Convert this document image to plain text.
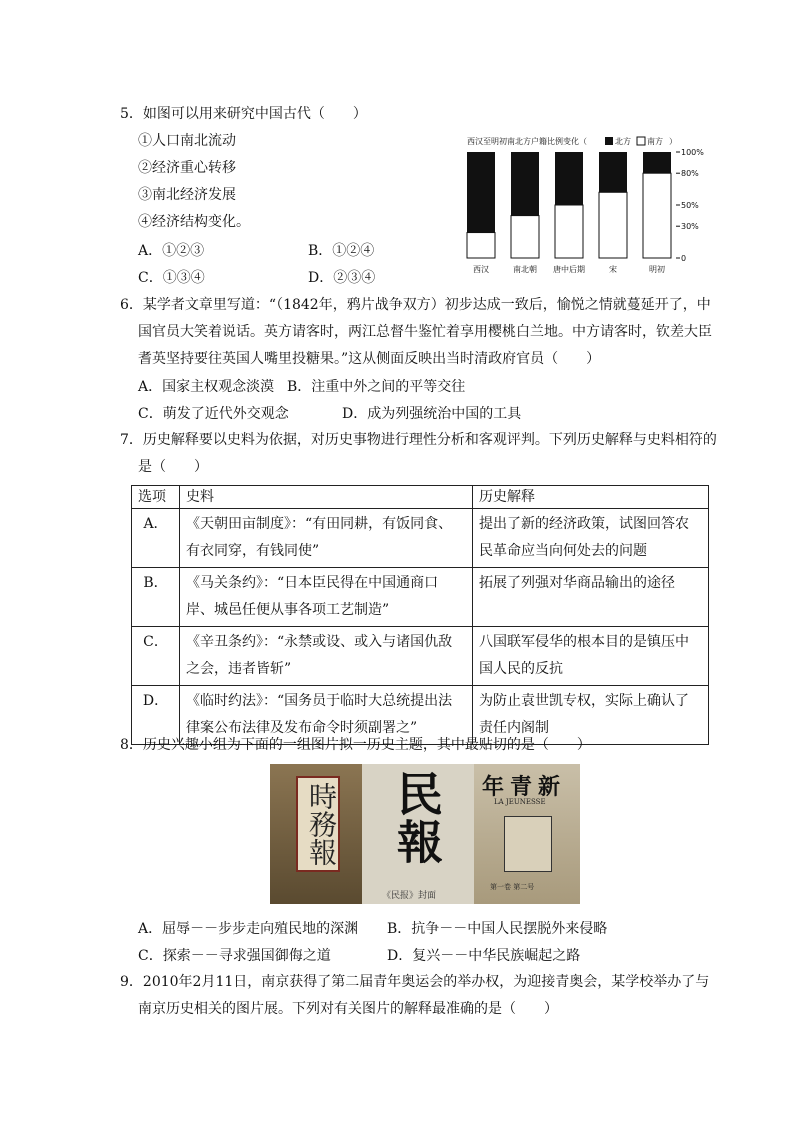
5．如图可以用来研究中国古代（　　）
①人口南北流动
②经济重心转移
③南北经济发展
④经济结构变化。
A．①②③	B．①②④
C．①③④	D．②③④
西汉至明初南北方户籍比例变化（	北方 南方 ）
100%
80%
50%
30%
0
西汉	南北朝 唐中后期	宋	明初
6．某学者文章里写道：“（1842年，鸦片战争双方）初步达成一致后，愉悦之情就蔓延开了，中
国官员大笑着说话。英方请客时，两江总督牛鉴忙着享用樱桃白兰地。中方请客时，钦差大臣
耆英坚持要往英国人嘴里投糖果。”这从侧面反映出当时清政府官员（　　）
A．国家主权观念淡漠 B．注重中外之间的平等交往
C．萌发了近代外交观念	D．成为列强统治中国的工具
7．历史解释要以史料为依据，对历史事物进行理性分析和客观评判。下列历史解释与史料相符的
是（　　）
选项	史料	历史解释
A．	《天朝田亩制度》：“有田同耕，有饭同食、有衣同穿，有钱同使”	提出了新的经济政策，试图回答农民革命应当向何处去的问题
B．	《马关条约》：“日本臣民得在中国通商口岸、城邑任便从事各项工艺制造”	拓展了列强对华商品输出的途径
C．	《辛丑条约》：“永禁或设、或入与诸国仇敌之会，违者皆斩”	八国联军侵华的根本目的是镇压中国人民的反抗
D．	《临时约法》：“国务员于临时大总统提出法律案公布法律及发布命令时须副署之”	为防止袁世凯专权，实际上确认了责任内阁制
8．历史兴趣小组为下面的一组图片拟一历史主题，其中最贴切的是（　　）
時務報 民報
《民报》封面
年青新
LA JEUNESSE
第一卷 第二号
A．屈辱－－步步走向殖民地的深渊 B．抗争－－中国人民摆脱外来侵略
C．探索－－寻求强国御侮之道	D．复兴－－中华民族崛起之路
9．2010年2月11日，南京获得了第二届青年奥运会的举办权，为迎接青奥会，某学校举办了与
南京历史相关的图片展。下列对有关图片的解释最准确的是（　　）
